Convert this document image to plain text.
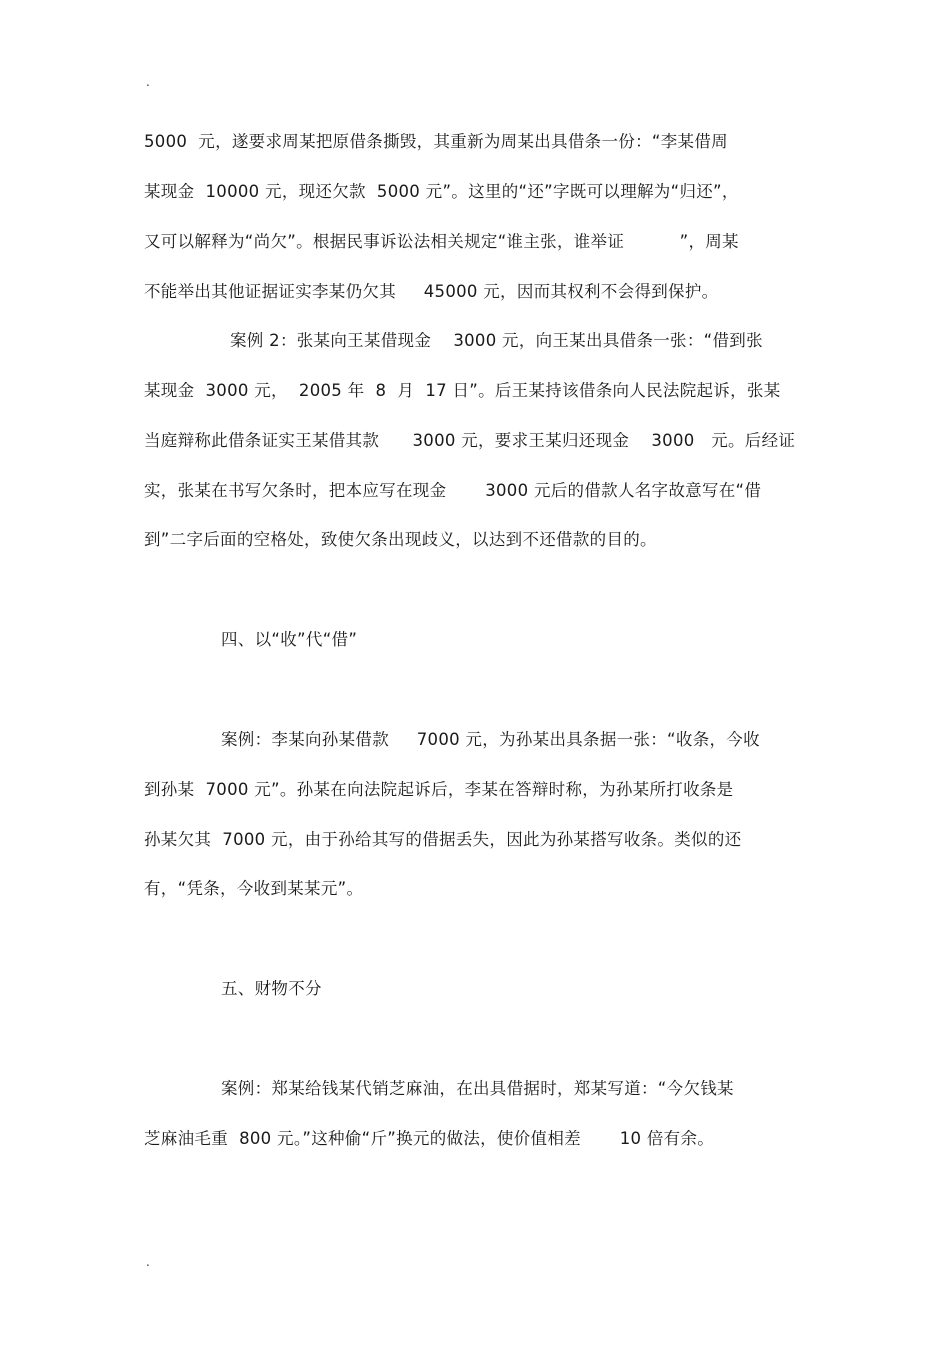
.
5000  元，遂要求周某把原借条撕毁，其重新为周某出具借条一份：“李某借周
某现金  10000 元，现还欠款  5000 元”。这里的“还”字既可以理解为“归还”，
又可以解释为“尚欠”。根据民事诉讼法相关规定“谁主张，谁举证          ”，周某
不能举出其他证据证实李某仍欠其     45000 元，因而其权利不会得到保护。
案例 2：张某向王某借现金    3000 元，向王某出具借条一张：“借到张
某现金  3000 元，  2005 年  8  月  17 日”。后王某持该借条向人民法院起诉，张某
当庭辩称此借条证实王某借其款      3000 元，要求王某归还现金    3000   元。后经证
实，张某在书写欠条时，把本应写在现金       3000 元后的借款人名字故意写在“借
到”二字后面的空格处，致使欠条出现歧义，以达到不还借款的目的。
四、以“收”代“借”
案例：李某向孙某借款     7000 元，为孙某出具条据一张：“收条，今收
到孙某  7000 元”。孙某在向法院起诉后，李某在答辩时称，为孙某所打收条是
孙某欠其  7000 元，由于孙给其写的借据丢失，因此为孙某搭写收条。类似的还
有，“凭条，今收到某某元”。
五、财物不分
案例：郑某给钱某代销芝麻油，在出具借据时，郑某写道：“今欠钱某
芝麻油毛重  800 元。”这种偷“斤”换元的做法，使价值相差       10 倍有余。
.
